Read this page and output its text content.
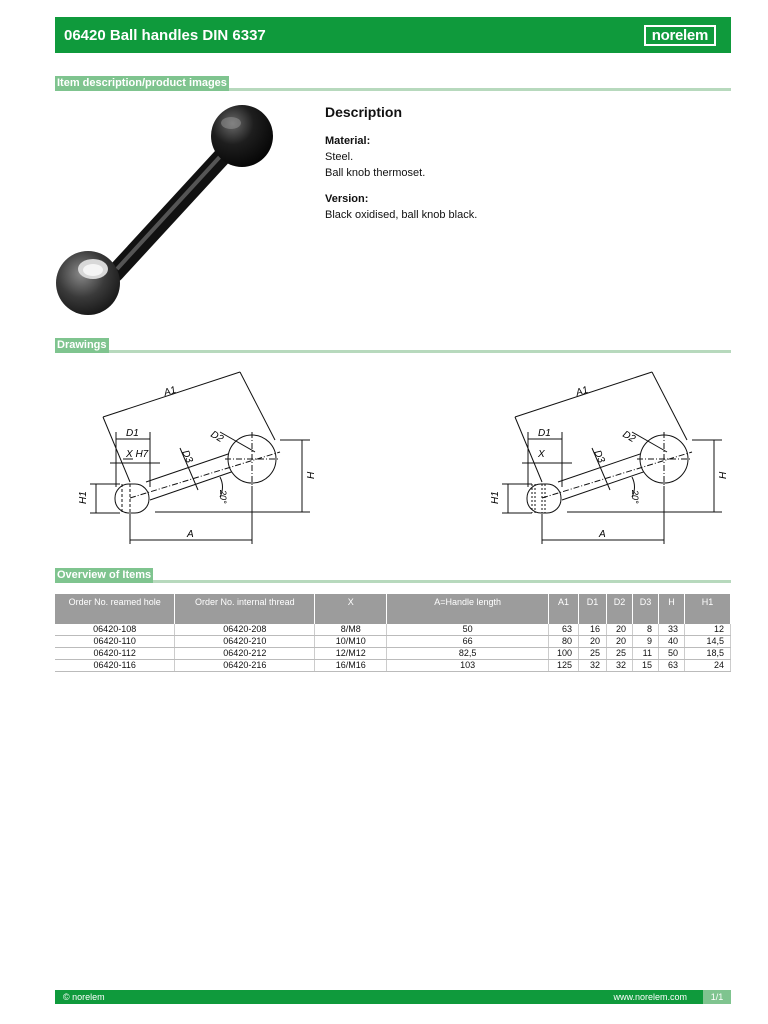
06420 Ball handles DIN 6337	norelem
Item description/product images
Description
Material:
Steel.
Ball knob thermoset.
Version:
Black oxidised, ball knob black.
Drawings
A1
D1
X H7
D2
D3
H
H1
A
20°
A1
D1
X
D2
D3
H
H1
A
20°
Overview of Items
Order No. reamed hole	Order No. internal thread	X	A=Handle length	A1	D1	D2	D3	H	H1
06420-108	06420-208	8/M8	50	63	16	20	8	33	12
06420-110	06420-210	10/M10	66	80	20	20	9	40	14,5
06420-112	06420-212	12/M12	82,5	100	25	25	11	50	18,5
06420-116	06420-216	16/M16	103	125	32	32	15	63	24
© norelem	www.norelem.com	1/1
